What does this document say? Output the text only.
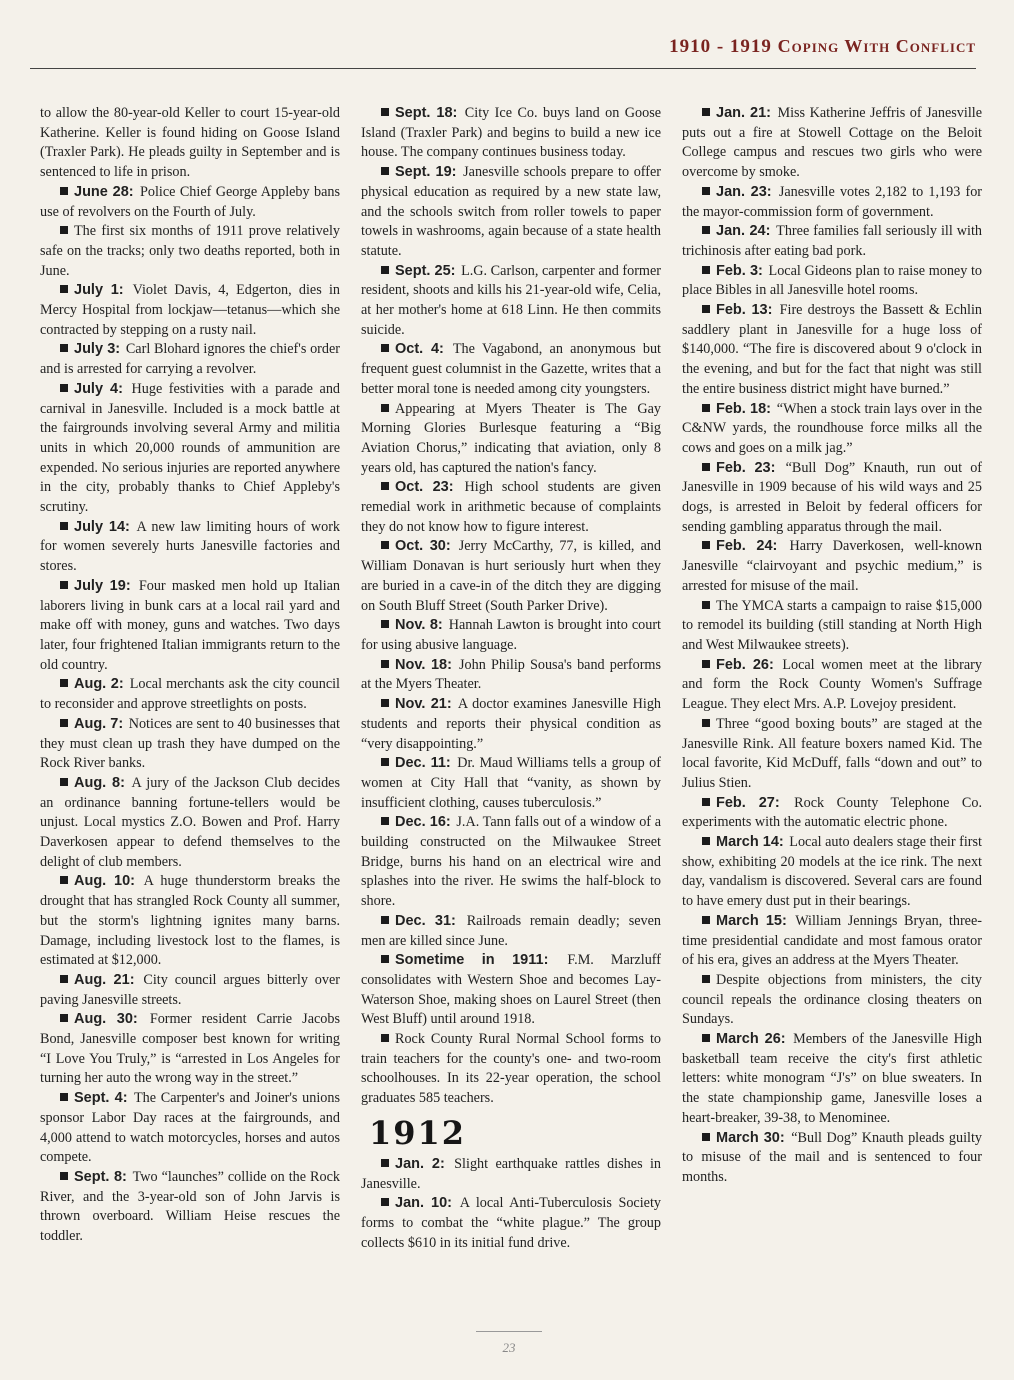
1910 - 1919 Coping With Conflict

to allow the 80-year-old Keller to court 15-year-old Katherine. Keller is found hiding on Goose Island (Traxler Park). He pleads guilty in September and is sentenced to life in prison.

June 28: Police Chief George Appleby bans use of revolvers on the Fourth of July.

The first six months of 1911 prove relatively safe on the tracks; only two deaths reported, both in June.

July 1: Violet Davis, 4, Edgerton, dies in Mercy Hospital from lockjaw—tetanus—which she contracted by stepping on a rusty nail.

July 3: Carl Blohard ignores the chief's order and is arrested for carrying a revolver.

July 4: Huge festivities with a parade and carnival in Janesville. Included is a mock battle at the fairgrounds involving several Army and militia units in which 20,000 rounds of ammunition are expended. No serious injuries are reported anywhere in the city, probably thanks to Chief Appleby's scrutiny.

July 14: A new law limiting hours of work for women severely hurts Janesville factories and stores.

July 19: Four masked men hold up Italian laborers living in bunk cars at a local rail yard and make off with money, guns and watches. Two days later, four frightened Italian immigrants return to the old country.

Aug. 2: Local merchants ask the city council to reconsider and approve streetlights on posts.

Aug. 7: Notices are sent to 40 businesses that they must clean up trash they have dumped on the Rock River banks.

Aug. 8: A jury of the Jackson Club decides an ordinance banning fortune-tellers would be unjust. Local mystics Z.O. Bowen and Prof. Harry Daverkosen appear to defend themselves to the delight of club members.

Aug. 10: A huge thunderstorm breaks the drought that has strangled Rock County all summer, but the storm's lightning ignites many barns. Damage, including livestock lost to the flames, is estimated at $12,000.

Aug. 21: City council argues bitterly over paving Janesville streets.

Aug. 30: Former resident Carrie Jacobs Bond, Janesville composer best known for writing “I Love You Truly,” is “arrested in Los Angeles for turning her auto the wrong way in the street.”

Sept. 4: The Carpenter's and Joiner's unions sponsor Labor Day races at the fairgrounds, and 4,000 attend to watch motorcycles, horses and autos compete.

Sept. 8: Two “launches” collide on the Rock River, and the 3-year-old son of John Jarvis is thrown overboard. William Heise rescues the toddler.

Sept. 18: City Ice Co. buys land on Goose Island (Traxler Park) and begins to build a new ice house. The company continues business today.

Sept. 19: Janesville schools prepare to offer physical education as required by a new state law, and the schools switch from roller towels to paper towels in washrooms, again because of a state health statute.

Sept. 25: L.G. Carlson, carpenter and former resident, shoots and kills his 21-year-old wife, Celia, at her mother's home at 618 Linn. He then commits suicide.

Oct. 4: The Vagabond, an anonymous but frequent guest columnist in the Gazette, writes that a better moral tone is needed among city youngsters.

Appearing at Myers Theater is The Gay Morning Glories Burlesque featuring a “Big Aviation Chorus,” indicating that aviation, only 8 years old, has captured the nation's fancy.

Oct. 23: High school students are given remedial work in arithmetic because of complaints they do not know how to figure interest.

Oct. 30: Jerry McCarthy, 77, is killed, and William Donavan is hurt seriously hurt when they are buried in a cave-in of the ditch they are digging on South Bluff Street (South Parker Drive).

Nov. 8: Hannah Lawton is brought into court for using abusive language.

Nov. 18: John Philip Sousa's band performs at the Myers Theater.

Nov. 21: A doctor examines Janesville High students and reports their physical condition as “very disappointing.”

Dec. 11: Dr. Maud Williams tells a group of women at City Hall that “vanity, as shown by insufficient clothing, causes tuberculosis.”

Dec. 16: J.A. Tann falls out of a window of a building constructed on the Milwaukee Street Bridge, burns his hand on an electrical wire and splashes into the river. He swims the half-block to shore.

Dec. 31: Railroads remain deadly; seven men are killed since June.

Sometime in 1911: F.M. Marzluff consolidates with Western Shoe and becomes Lay-Waterson Shoe, making shoes on Laurel Street (then West Bluff) until around 1918.

Rock County Rural Normal School forms to train teachers for the county's one- and two-room schoolhouses. In its 22-year operation, the school graduates 585 teachers.

1912

Jan. 2: Slight earthquake rattles dishes in Janesville.

Jan. 10: A local Anti-Tuberculosis Society forms to combat the “white plague.” The group collects $610 in its initial fund drive.

Jan. 21: Miss Katherine Jeffris of Janesville puts out a fire at Stowell Cottage on the Beloit College campus and rescues two girls who were overcome by smoke.

Jan. 23: Janesville votes 2,182 to 1,193 for the mayor-commission form of government.

Jan. 24: Three families fall seriously ill with trichinosis after eating bad pork.

Feb. 3: Local Gideons plan to raise money to place Bibles in all Janesville hotel rooms.

Feb. 13: Fire destroys the Bassett & Echlin saddlery plant in Janesville for a huge loss of $140,000. “The fire is discovered about 9 o'clock in the evening, and but for the fact that night was still the entire business district might have burned.”

Feb. 18: “When a stock train lays over in the C&NW yards, the roundhouse force milks all the cows and goes on a milk jag.”

Feb. 23: “Bull Dog” Knauth, run out of Janesville in 1909 because of his wild ways and 25 dogs, is arrested in Beloit by federal officers for sending gambling apparatus through the mail.

Feb. 24: Harry Daverkosen, well-known Janesville “clairvoyant and psychic medium,” is arrested for misuse of the mail.

The YMCA starts a campaign to raise $15,000 to remodel its building (still standing at North High and West Milwaukee streets).

Feb. 26: Local women meet at the library and form the Rock County Women's Suffrage League. They elect Mrs. A.P. Lovejoy president.

Three “good boxing bouts” are staged at the Janesville Rink. All feature boxers named Kid. The local favorite, Kid McDuff, falls “down and out” to Julius Stien.

Feb. 27: Rock County Telephone Co. experiments with the automatic electric phone.

March 14: Local auto dealers stage their first show, exhibiting 20 models at the ice rink. The next day, vandalism is discovered. Several cars are found to have emery dust put in their bearings.

March 15: William Jennings Bryan, three-time presidential candidate and most famous orator of his era, gives an address at the Myers Theater.

Despite objections from ministers, the city council repeals the ordinance closing theaters on Sundays.

March 26: Members of the Janesville High basketball team receive the city's first athletic letters: white monogram “J's” on blue sweaters. In the state championship game, Janesville loses a heart-breaker, 39-38, to Menominee.

March 30: “Bull Dog” Knauth pleads guilty to misuse of the mail and is sentenced to four months.

23
